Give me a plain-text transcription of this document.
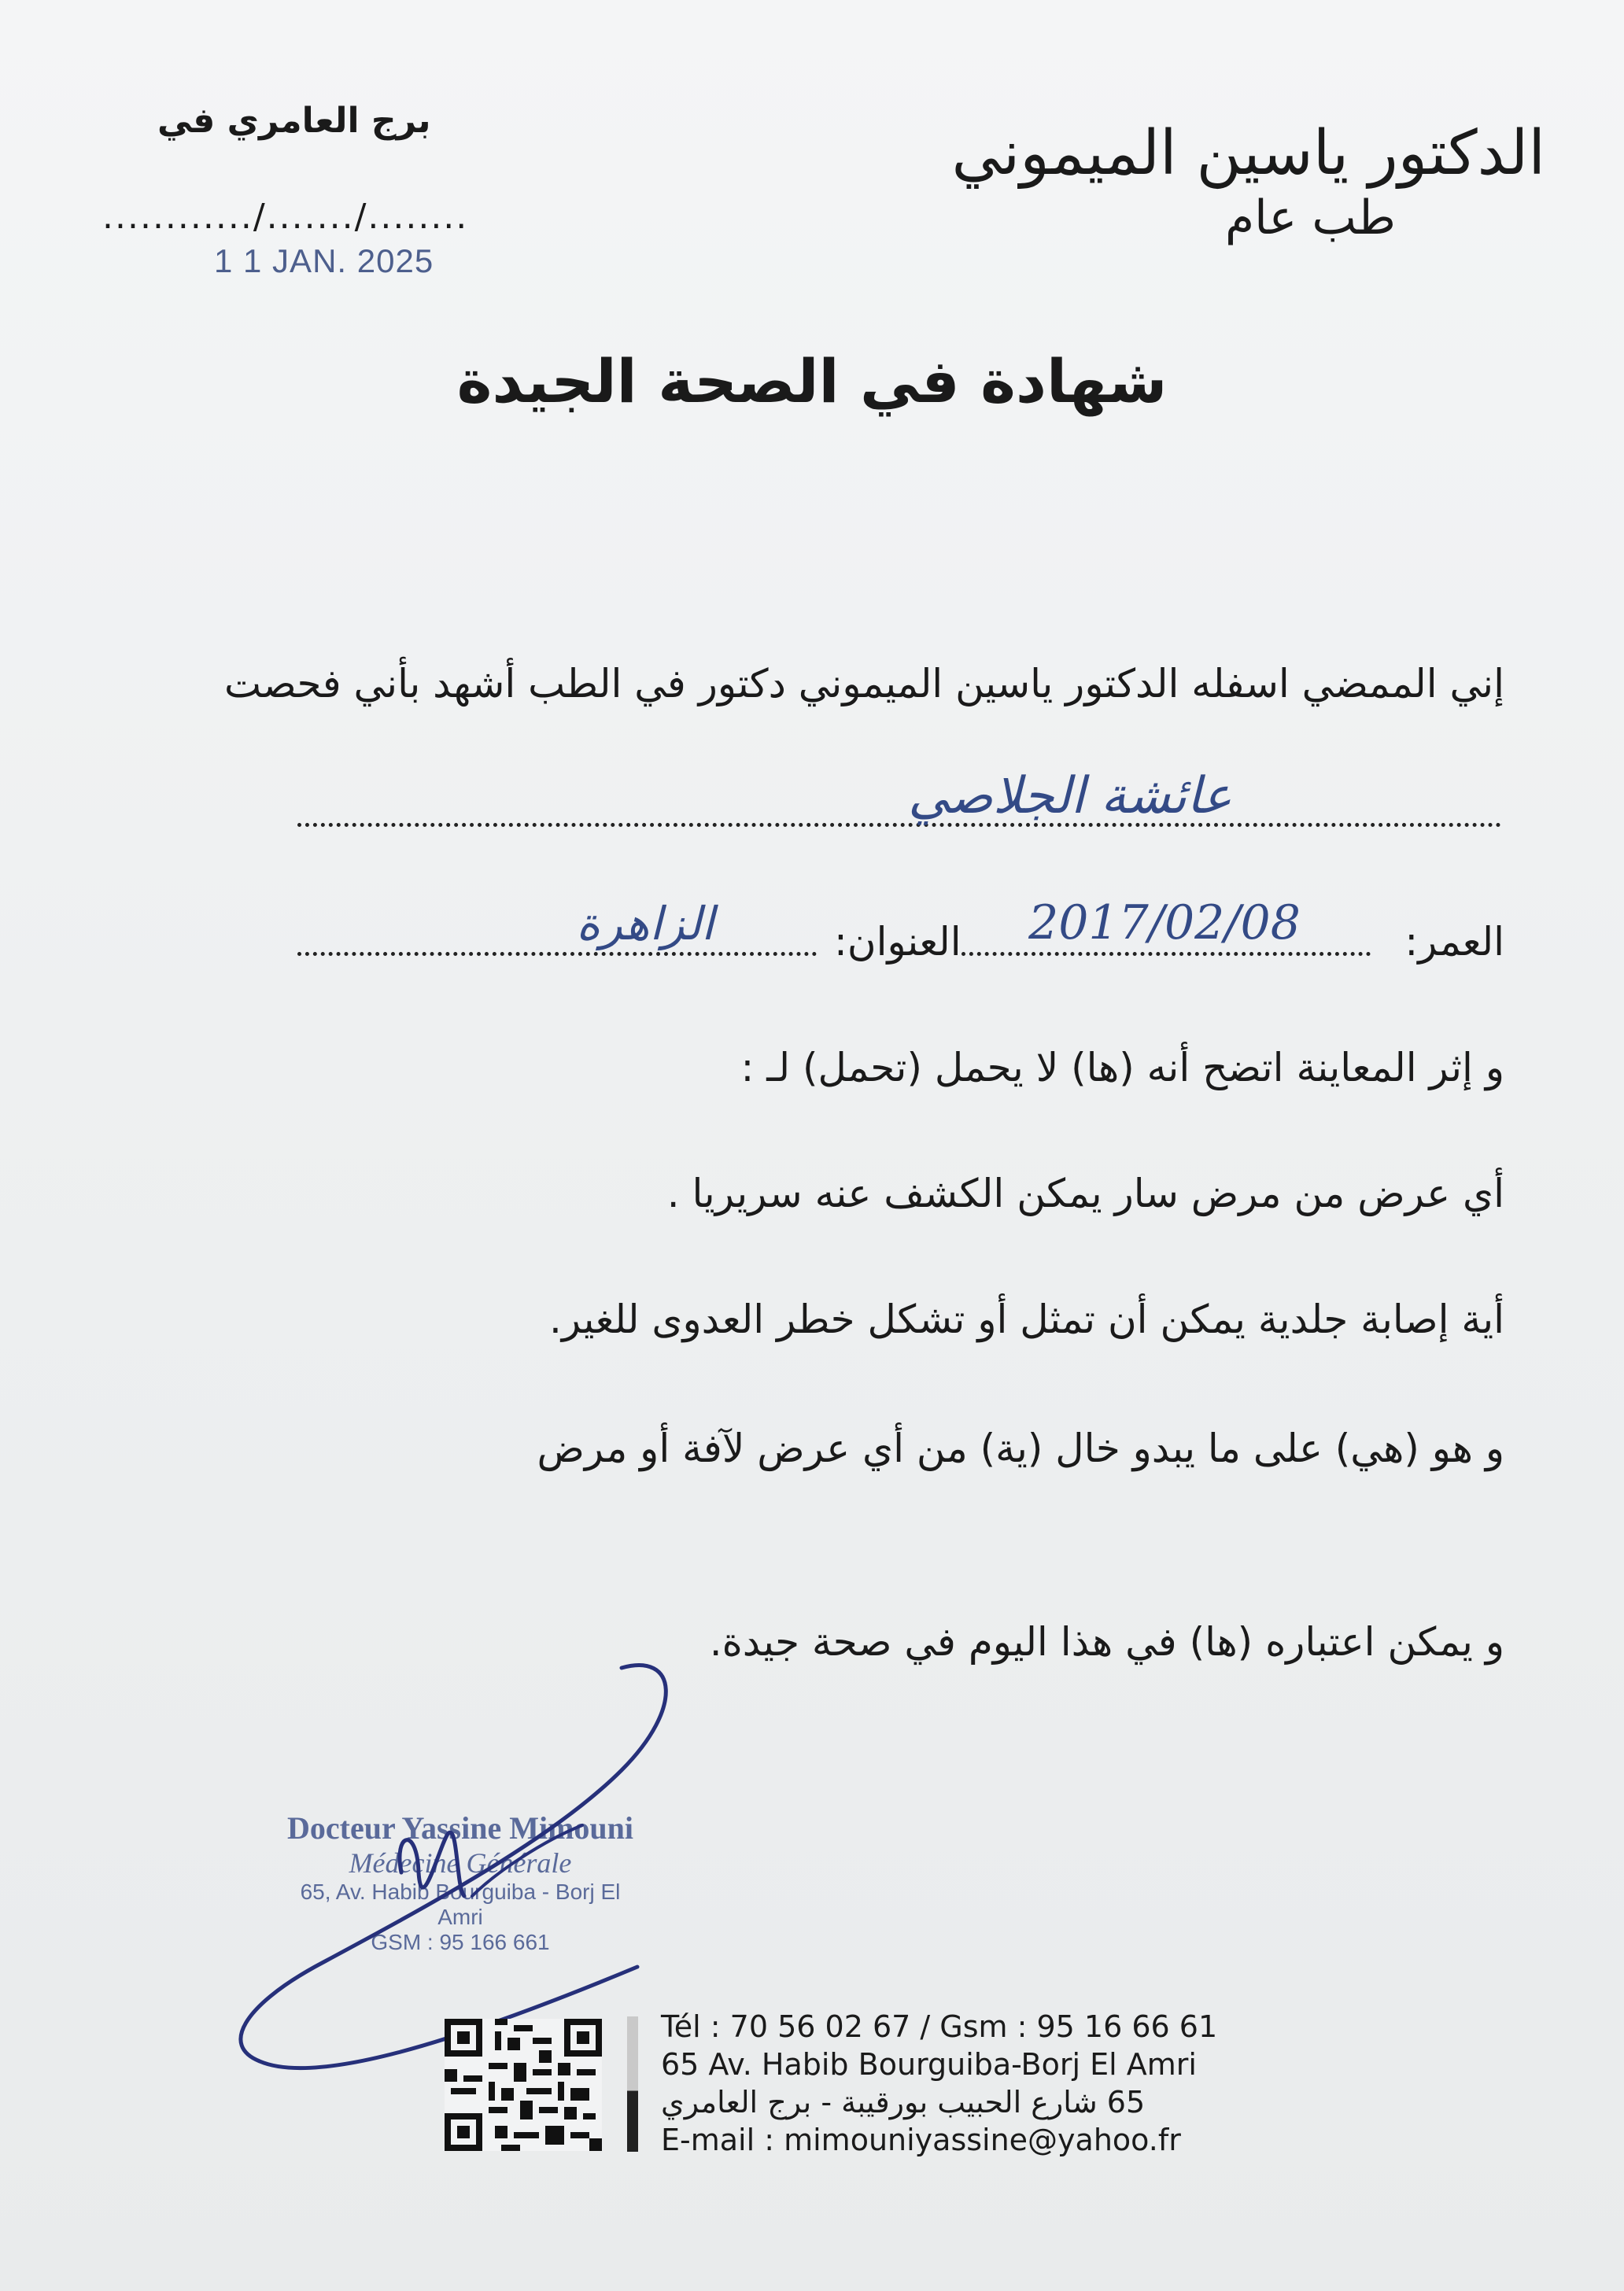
الدكتور ياسين الميموني
طب عام
برج العامري في
............/......./........
1 1 JAN. 2025
شهادة في الصحة الجيدة
إني الممضي اسفله الدكتور ياسين الميموني دكتور في الطب أشهد بأني فحصت
عائشة الجلاصي
العمر:
2017/02/08
العنوان:
الزاهرة
و إثر المعاينة اتضح أنه (ها) لا يحمل (تحمل) لـ :
أي عرض من مرض سار يمكن الكشف عنه سريريا .
أية إصابة جلدية يمكن أن تمثل أو تشكل خطر العدوى للغير.
و هو (هي) على ما يبدو خال (ية) من أي عرض لآفة أو مرض
و يمكن اعتباره (ها) في هذا اليوم في صحة جيدة.
Docteur Yassine Mimouni
Médecine Générale
65, Av. Habib Bourguiba - Borj El Amri
GSM : 95 166 661
Tél : 70 56 02 67 / Gsm : 95 16 66 61
65 Av. Habib Bourguiba-Borj El Amri
65 شارع الحبيب بورقيبة - برج العامري
E-mail : mimouniyassine@yahoo.fr
